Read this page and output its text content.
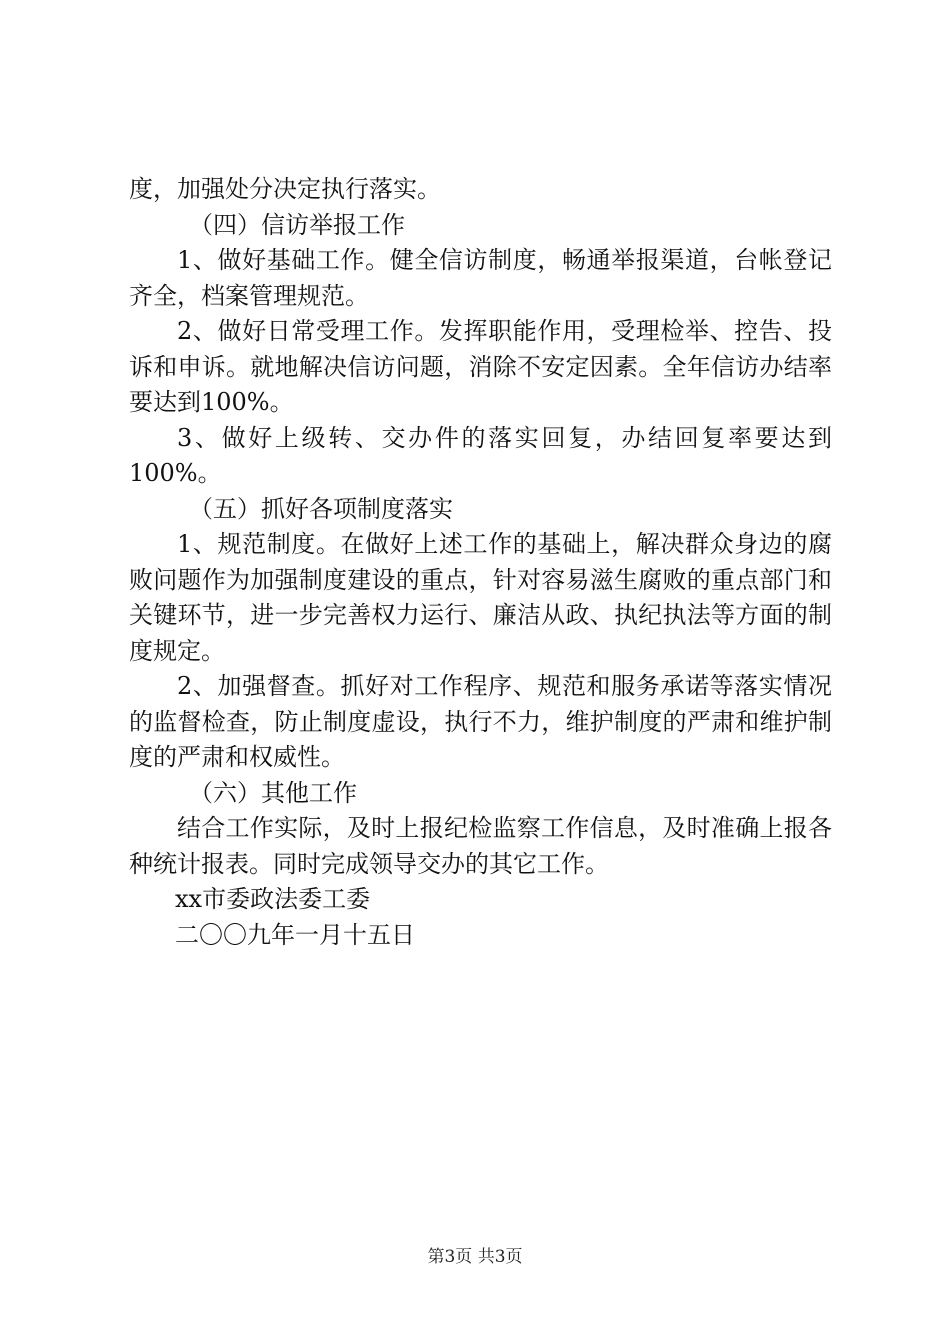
度，加强处分决定执行落实。

（四）信访举报工作

1、做好基础工作。健全信访制度，畅通举报渠道，台帐登记齐全，档案管理规范。

2、做好日常受理工作。发挥职能作用，受理检举、控告、投诉和申诉。就地解决信访问题，消除不安定因素。全年信访办结率要达到100%。

3、做好上级转、交办件的落实回复，办结回复率要达到100%。

（五）抓好各项制度落实

1、规范制度。在做好上述工作的基础上，解决群众身边的腐败问题作为加强制度建设的重点，针对容易滋生腐败的重点部门和关键环节，进一步完善权力运行、廉洁从政、执纪执法等方面的制度规定。

2、加强督查。抓好对工作程序、规范和服务承诺等落实情况的监督检查，防止制度虚设，执行不力，维护制度的严肃和维护制度的严肃和权威性。

（六）其他工作

结合工作实际，及时上报纪检监察工作信息，及时准确上报各种统计报表。同时完成领导交办的其它工作。

xx市委政法委工委

二〇〇九年一月十五日

第3页 共3页
